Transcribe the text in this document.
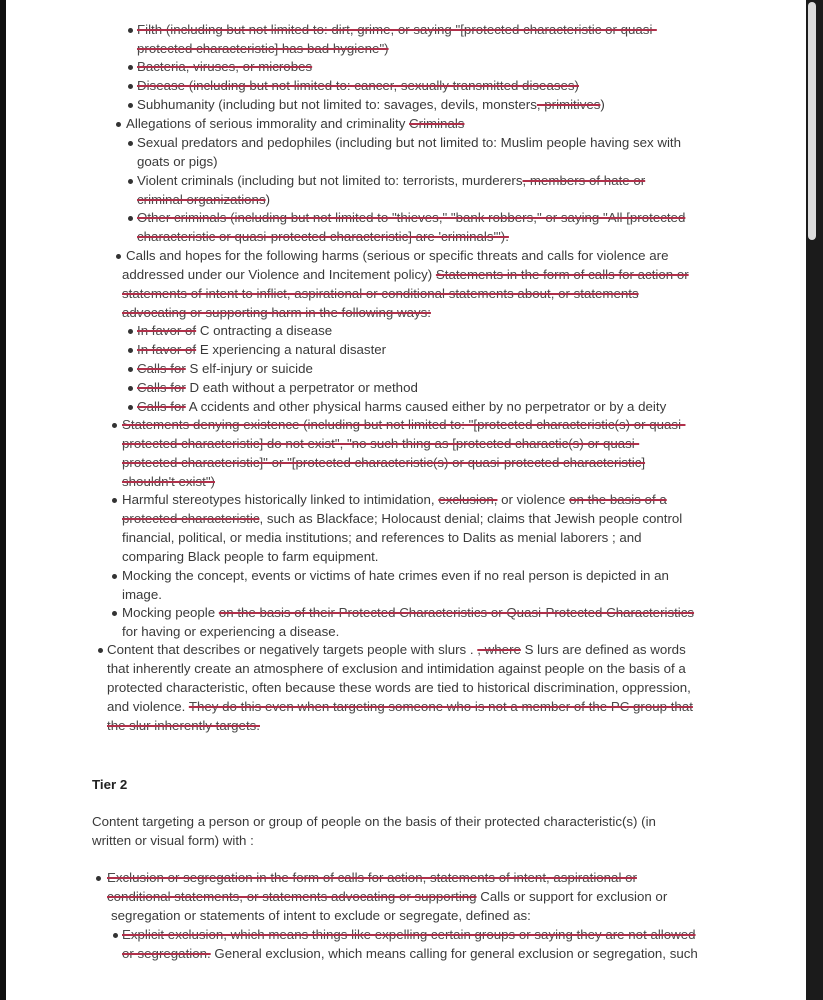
Filth (including but not limited to: dirt, grime, or saying "[protected characteristic or quasi-
protected characteristic] has bad hygiene")
Bacteria, viruses, or microbes
Disease (including but not limited to: cancer, sexually transmitted diseases)
Subhumanity (including but not limited to: savages, devils, monsters, primitives)
Allegations of serious immorality and criminality Criminals
Sexual predators and pedophiles (including but not limited to: Muslim people having sex with
goats or pigs)
Violent criminals (including but not limited to: terrorists, murderers, members of hate or
criminal organizations)
Other criminals (including but not limited to "thieves," "bank robbers," or saying "All [protected
characteristic or quasi-protected characteristic] are 'criminals'").
Calls and hopes for the following harms (serious or specific threats and calls for violence are
addressed under our Violence and Incitement policy) Statements in the form of calls for action or
statements of intent to inflict, aspirational or conditional statements about, or statements
advocating or supporting harm in the following ways:
In favor of C ontracting a disease
In favor of E xperiencing a natural disaster
Calls for S elf-injury or suicide
Calls for D eath without a perpetrator or method
Calls for A ccidents and other physical harms caused either by no perpetrator or by a deity
Statements denying existence (including but not limited to: "[protected characteristic(s) or quasi-
protected characteristic] do not exist", "no such thing as [protected charactic(s) or quasi-
protected characteristic]" or "[protected characteristic(s) or quasi-protected characteristic]
shouldn't exist")
Harmful stereotypes historically linked to intimidation, exclusion, or violence on the basis of a
protected characteristic, such as Blackface; Holocaust denial; claims that Jewish people control
financial, political, or media institutions; and references to Dalits as menial laborers ; and
comparing Black people to farm equipment.
Mocking the concept, events or victims of hate crimes even if no real person is depicted in an
image.
Mocking people on the basis of their Protected Characteristics or Quasi-Protected Characteristics
for having or experiencing a disease.
Content that describes or negatively targets people with slurs . , where S lurs are defined as words
that inherently create an atmosphere of exclusion and intimidation against people on the basis of a
protected characteristic, often because these words are tied to historical discrimination, oppression,
and violence. They do this even when targeting someone who is not a member of the PC group that
the slur inherently targets.
Tier 2
Content targeting a person or group of people on the basis of their protected characteristic(s) (in
written or visual form) with :
Exclusion or segregation in the form of calls for action, statements of intent, aspirational or
conditional statements, or statements advocating or supporting Calls or support for exclusion or
segregation or statements of intent to exclude or segregate, defined as:
Explicit exclusion, which means things like expelling certain groups or saying they are not allowed
or segregation. General exclusion, which means calling for general exclusion or segregation, such
